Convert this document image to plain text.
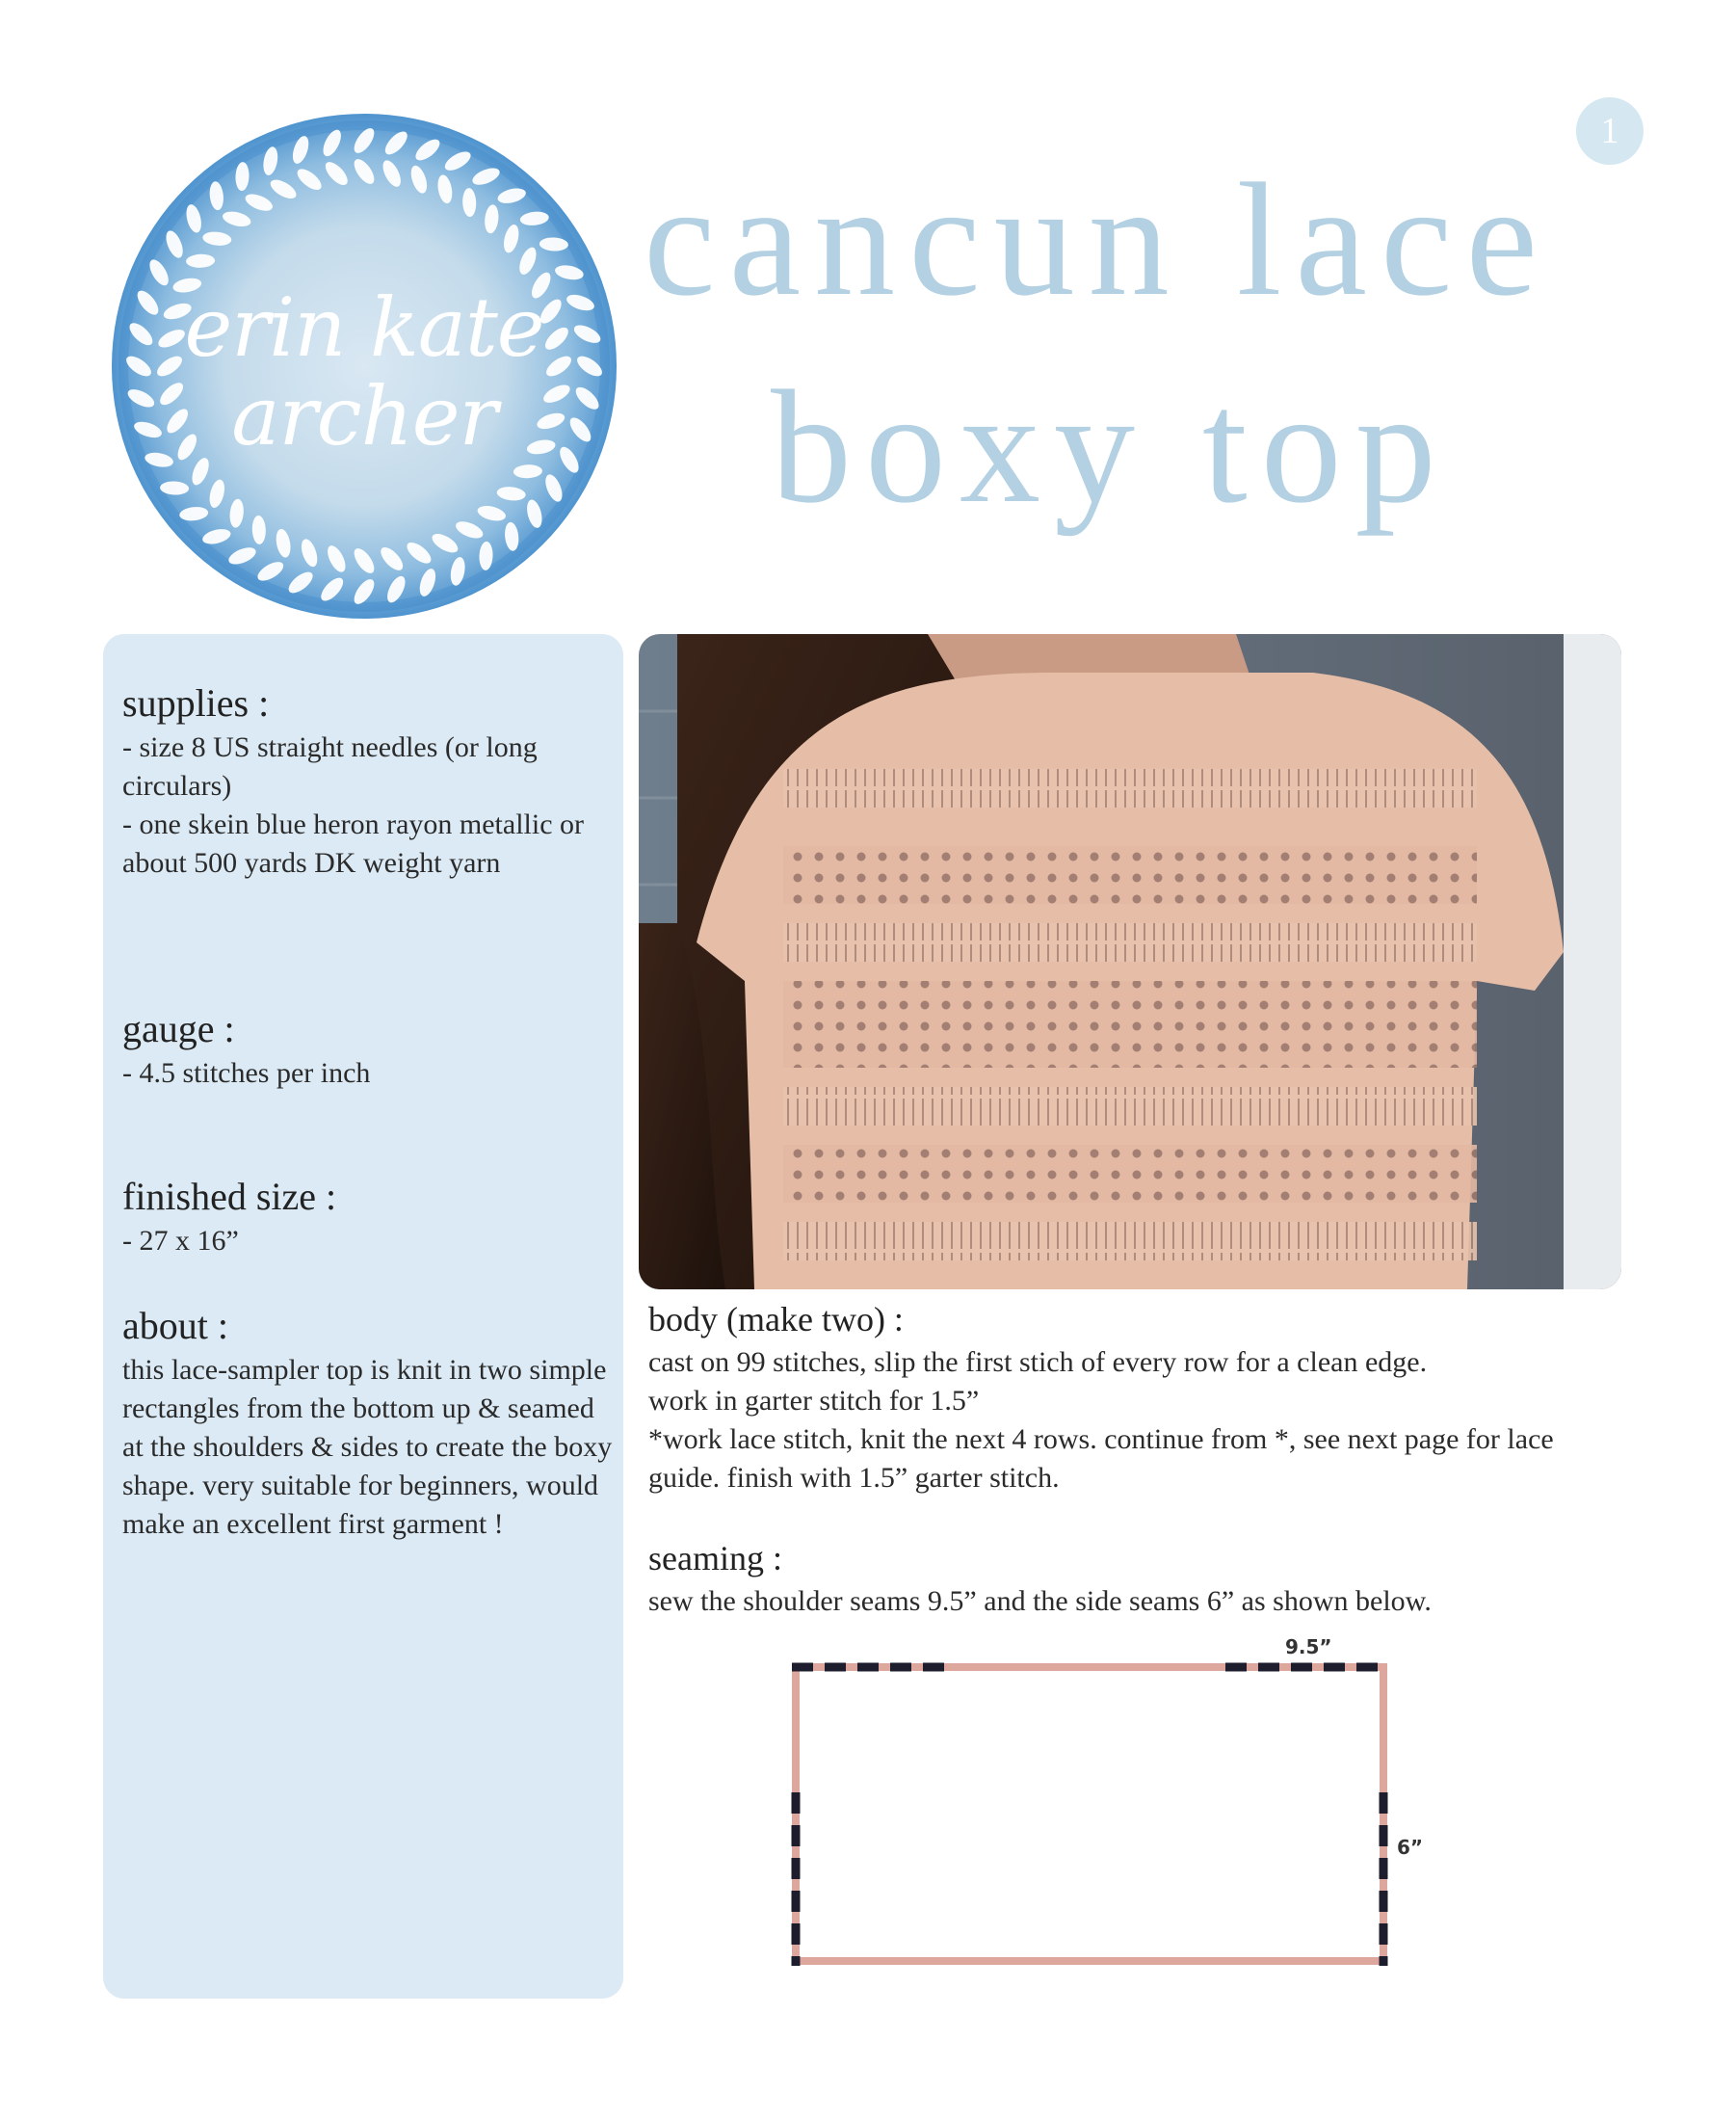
1
erin kate
archer
cancun lace
boxy top
supplies :
- size 8 US straight needles (or long circulars)
- one skein blue heron rayon metallic or about 500 yards DK weight yarn
gauge :
- 4.5 stitches per inch
finished size :
- 27 x 16”
about :
this lace-sampler top is knit in two simple rectangles from the bottom up & seamed at the shoulders & sides to create the boxy shape. very suitable for beginners, would make an excellent first garment !
body (make two) :
cast on 99 stitches, slip the first stich of every row for a clean edge.
work in garter stitch for 1.5”
*work lace stitch, knit the next 4 rows. continue from *, see next page for lace guide. finish with 1.5” garter stitch.
seaming :
sew the shoulder seams 9.5” and the side seams 6” as shown below.
9.5”
6”
